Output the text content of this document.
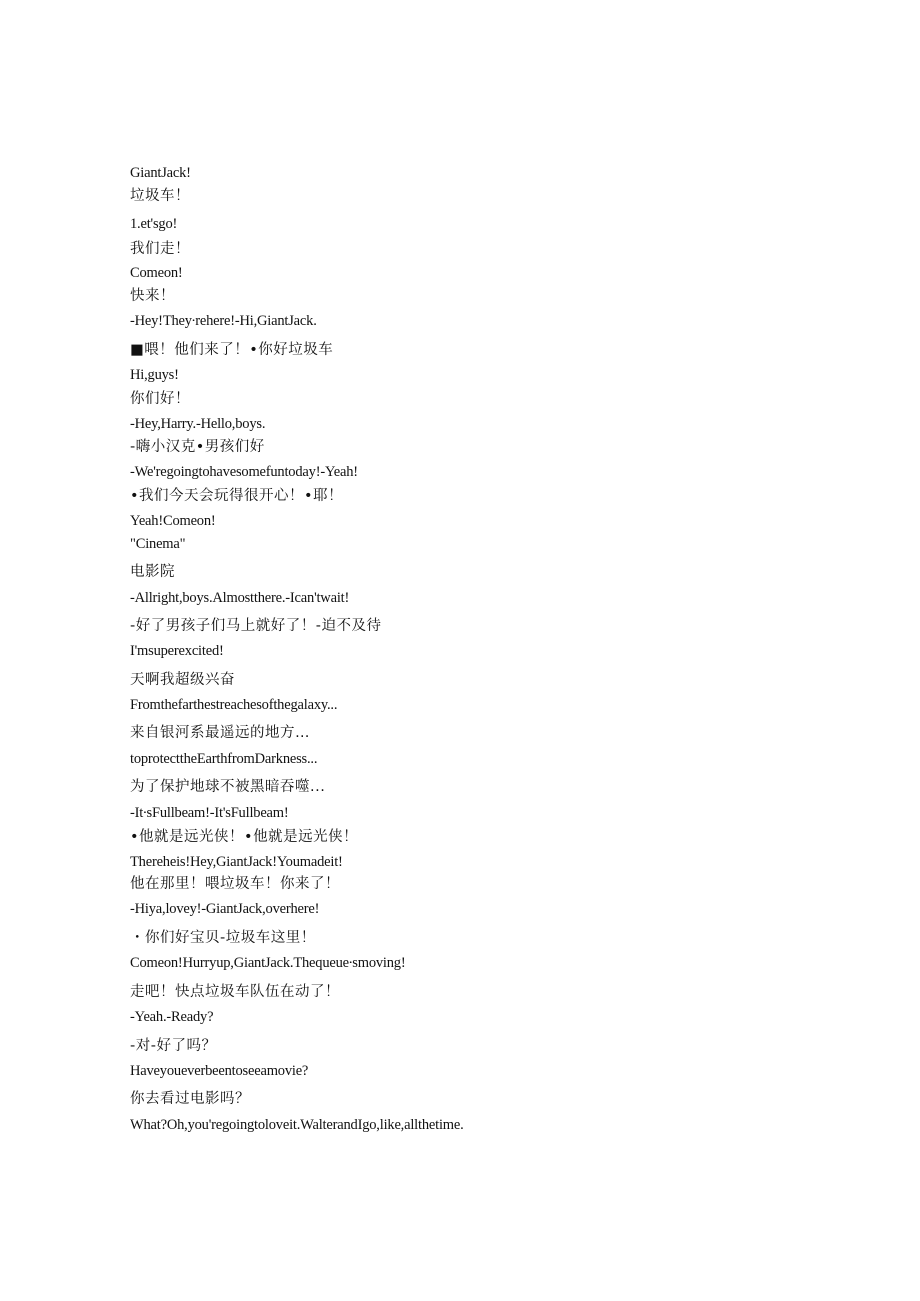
GiantJack!
垃圾车！
1.et'sgo!
我们走！
Comeon!
快来！
-Hey!They∙rehere!-Hi,GiantJack.
■喂！他们来了！•你好垃圾车
Hi,guys!
你们好！
-Hey,Harry.-Hello,boys.
-嗨小汉克•男孩们好
-We'regoingtohavesomefuntoday!-Yeah!
•我们今天会玩得很开心！•耶！
Yeah!Comeon!
"Cinema"
电影院
-Allright,boys.Almostthere.-Ican'twait!
-好了男孩子们马上就好了！-迫不及待
I'msuperexcited!
天啊我超级兴奋
Fromthefarthestreachesofthegalaxy...
来自银河系最遥远的地方…
toprotecttheEarthfromDarkness...
为了保护地球不被黑暗吞噬...
-It∙sFullbeam!-It'sFullbeam!
•他就是远光侠！•他就是远光侠！
Thereheis!Hey,GiantJack!Youmadeit!
他在那里！喂垃圾车！你来了！
-Hiya,lovey!-GiantJack,overhere!
・你们好宝贝-垃圾车这里！
Comeon!Hurryup,GiantJack.Thequeue∙smoving!
走吧！快点垃圾车队伍在动了！
-Yeah.-Ready?
-对-好了吗？
Haveyoueverbeentoseeamovie?
你去看过电影吗？
What?Oh,you'regoingtoloveit.WalterandIgo,like,allthetime.
